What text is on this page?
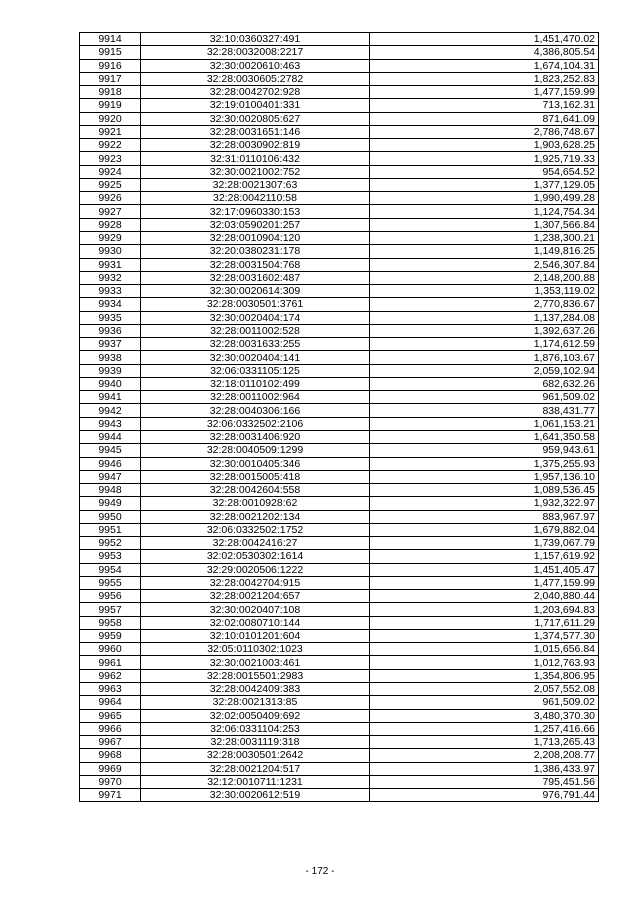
9914	32:10:0360327:491	1,451,470.02
9915	32:28:0032008:2217	4,386,805.54
9916	32:30:0020610:463	1,674,104.31
9917	32:28:0030605:2782	1,823,252.83
9918	32:28:0042702:928	1,477,159.99
9919	32:19:0100401:331	713,162.31
9920	32:30:0020805:627	871,641.09
9921	32:28:0031651:146	2,786,748.67
9922	32:28:0030902:819	1,903,628.25
9923	32:31:0110106:432	1,925,719.33
9924	32:30:0021002:752	954,654.52
9925	32:28:0021307:63	1,377,129.05
9926	32:28:0042110:58	1,990,499.28
9927	32:17:0960330:153	1,124,754.34
9928	32:03:0590201:257	1,307,566.84
9929	32:28:0010904:120	1,238,300.21
9930	32:20:0380231:178	1,149,816.25
9931	32:28:0031504:768	2,546,307.84
9932	32:28:0031602:487	2,148,200.88
9933	32:30:0020614:309	1,353,119.02
9934	32:28:0030501:3761	2,770,836.67
9935	32:30:0020404:174	1,137,284.08
9936	32:28:0011002:528	1,392,637.26
9937	32:28:0031633:255	1,174,612.59
9938	32:30:0020404:141	1,876,103.67
9939	32:06:0331105:125	2,059,102.94
9940	32:18:0110102:499	682,632.26
9941	32:28:0011002:964	961,509.02
9942	32:28:0040306:166	838,431.77
9943	32:06:0332502:2106	1,061,153.21
9944	32:28:0031406:920	1,641,350.58
9945	32:28:0040509:1299	959,943.61
9946	32:30:0010405:346	1,375,255.93
9947	32:28:0015005:418	1,957,136.10
9948	32:28:0042604:558	1,089,536.45
9949	32:28:0010928:62	1,932,322.97
9950	32:28:0021202:134	883,967.97
9951	32:06:0332502:1752	1,679,882.04
9952	32:28:0042416:27	1,739,067.79
9953	32:02:0530302:1614	1,157,619.92
9954	32:29:0020506:1222	1,451,405.47
9955	32:28:0042704:915	1,477,159.99
9956	32:28:0021204:657	2,040,880.44
9957	32:30:0020407:108	1,203,694.83
9958	32:02:0080710:144	1,717,611.29
9959	32:10:0101201:604	1,374,577.30
9960	32:05:0110302:1023	1,015,656.84
9961	32:30:0021003:461	1,012,763.93
9962	32:28:0015501:2983	1,354,806.95
9963	32:28:0042409:383	2,057,552.08
9964	32:28:0021313:85	961,509.02
9965	32:02:0050409:692	3,480,370.30
9966	32:06:0331104:253	1,257,416.66
9967	32:28:0031119:318	1,713,265.43
9968	32:28:0030501:2642	2,208,208.77
9969	32:28:0021204:517	1,386,433.97
9970	32:12:0010711:1231	795,451.56
9971	32:30:0020612:519	976,791.44
- 172 -
